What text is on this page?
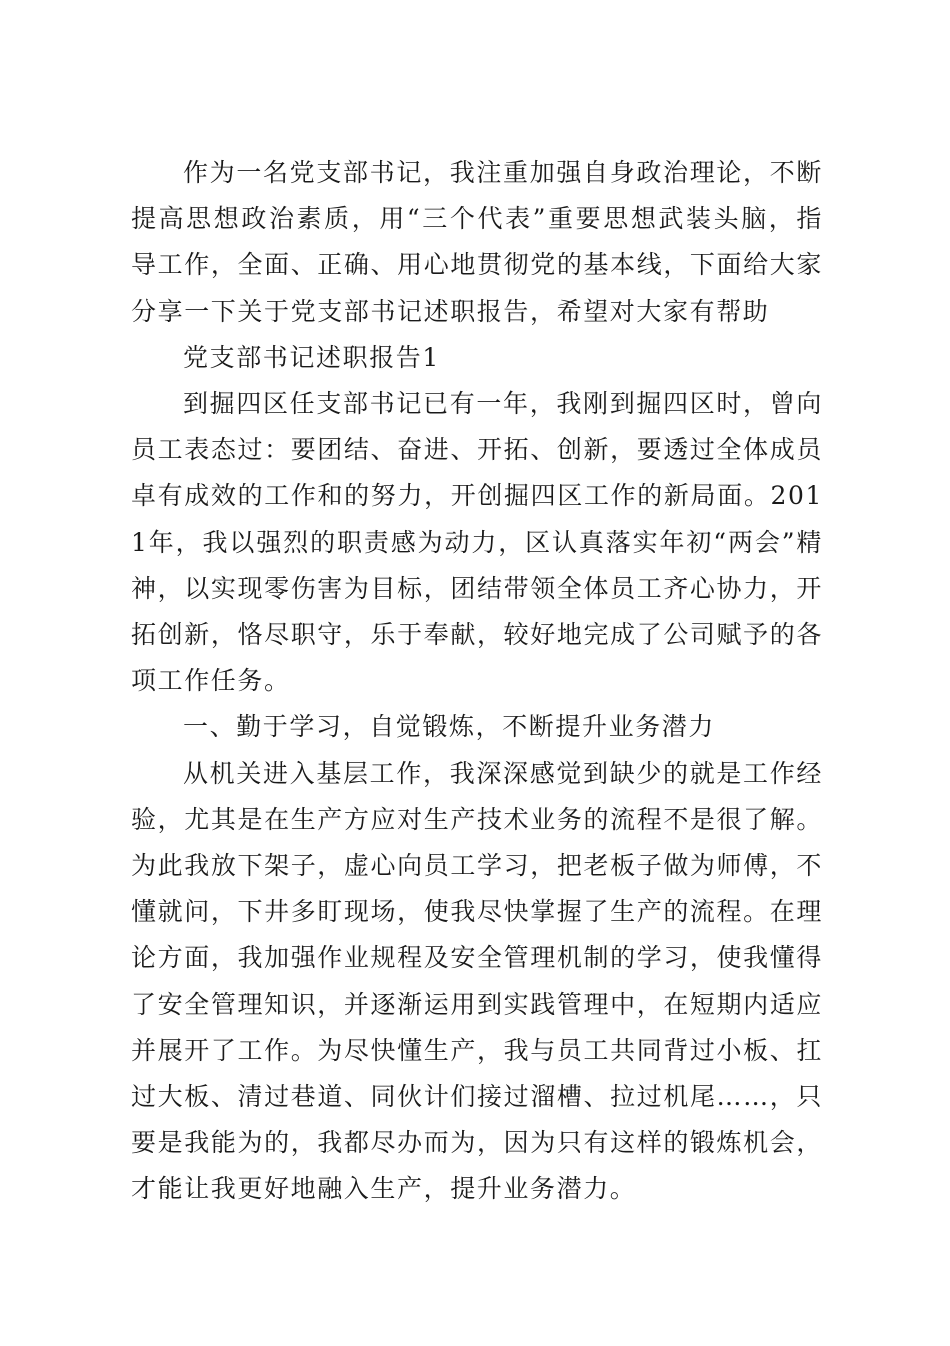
作为一名党支部书记，我注重加强自身政治理论，不断提高思想政治素质，用“三个代表”重要思想武装头脑，指导工作，全面、正确、用心地贯彻党的基本线，下面给大家分享一下关于党支部书记述职报告，希望对大家有帮助

党支部书记述职报告1

到掘四区任支部书记已有一年，我刚到掘四区时，曾向员工表态过：要团结、奋进、开拓、创新，要透过全体成员卓有成效的工作和的努力，开创掘四区工作的新局面。2011年，我以强烈的职责感为动力，区认真落实年初“两会”精神，以实现零伤害为目标，团结带领全体员工齐心协力，开拓创新，恪尽职守，乐于奉献，较好地完成了公司赋予的各项工作任务。

一、勤于学习，自觉锻炼，不断提升业务潜力

从机关进入基层工作，我深深感觉到缺少的就是工作经验，尤其是在生产方应对生产技术业务的流程不是很了解。为此我放下架子，虚心向员工学习，把老板子做为师傅，不懂就问，下井多盯现场，使我尽快掌握了生产的流程。在理论方面，我加强作业规程及安全管理机制的学习，使我懂得了安全管理知识，并逐渐运用到实践管理中，在短期内适应并展开了工作。为尽快懂生产，我与员工共同背过小板、扛过大板、清过巷道、同伙计们接过溜槽、拉过机尾……，只要是我能为的，我都尽办而为，因为只有这样的锻炼机会，才能让我更好地融入生产，提升业务潜力。
